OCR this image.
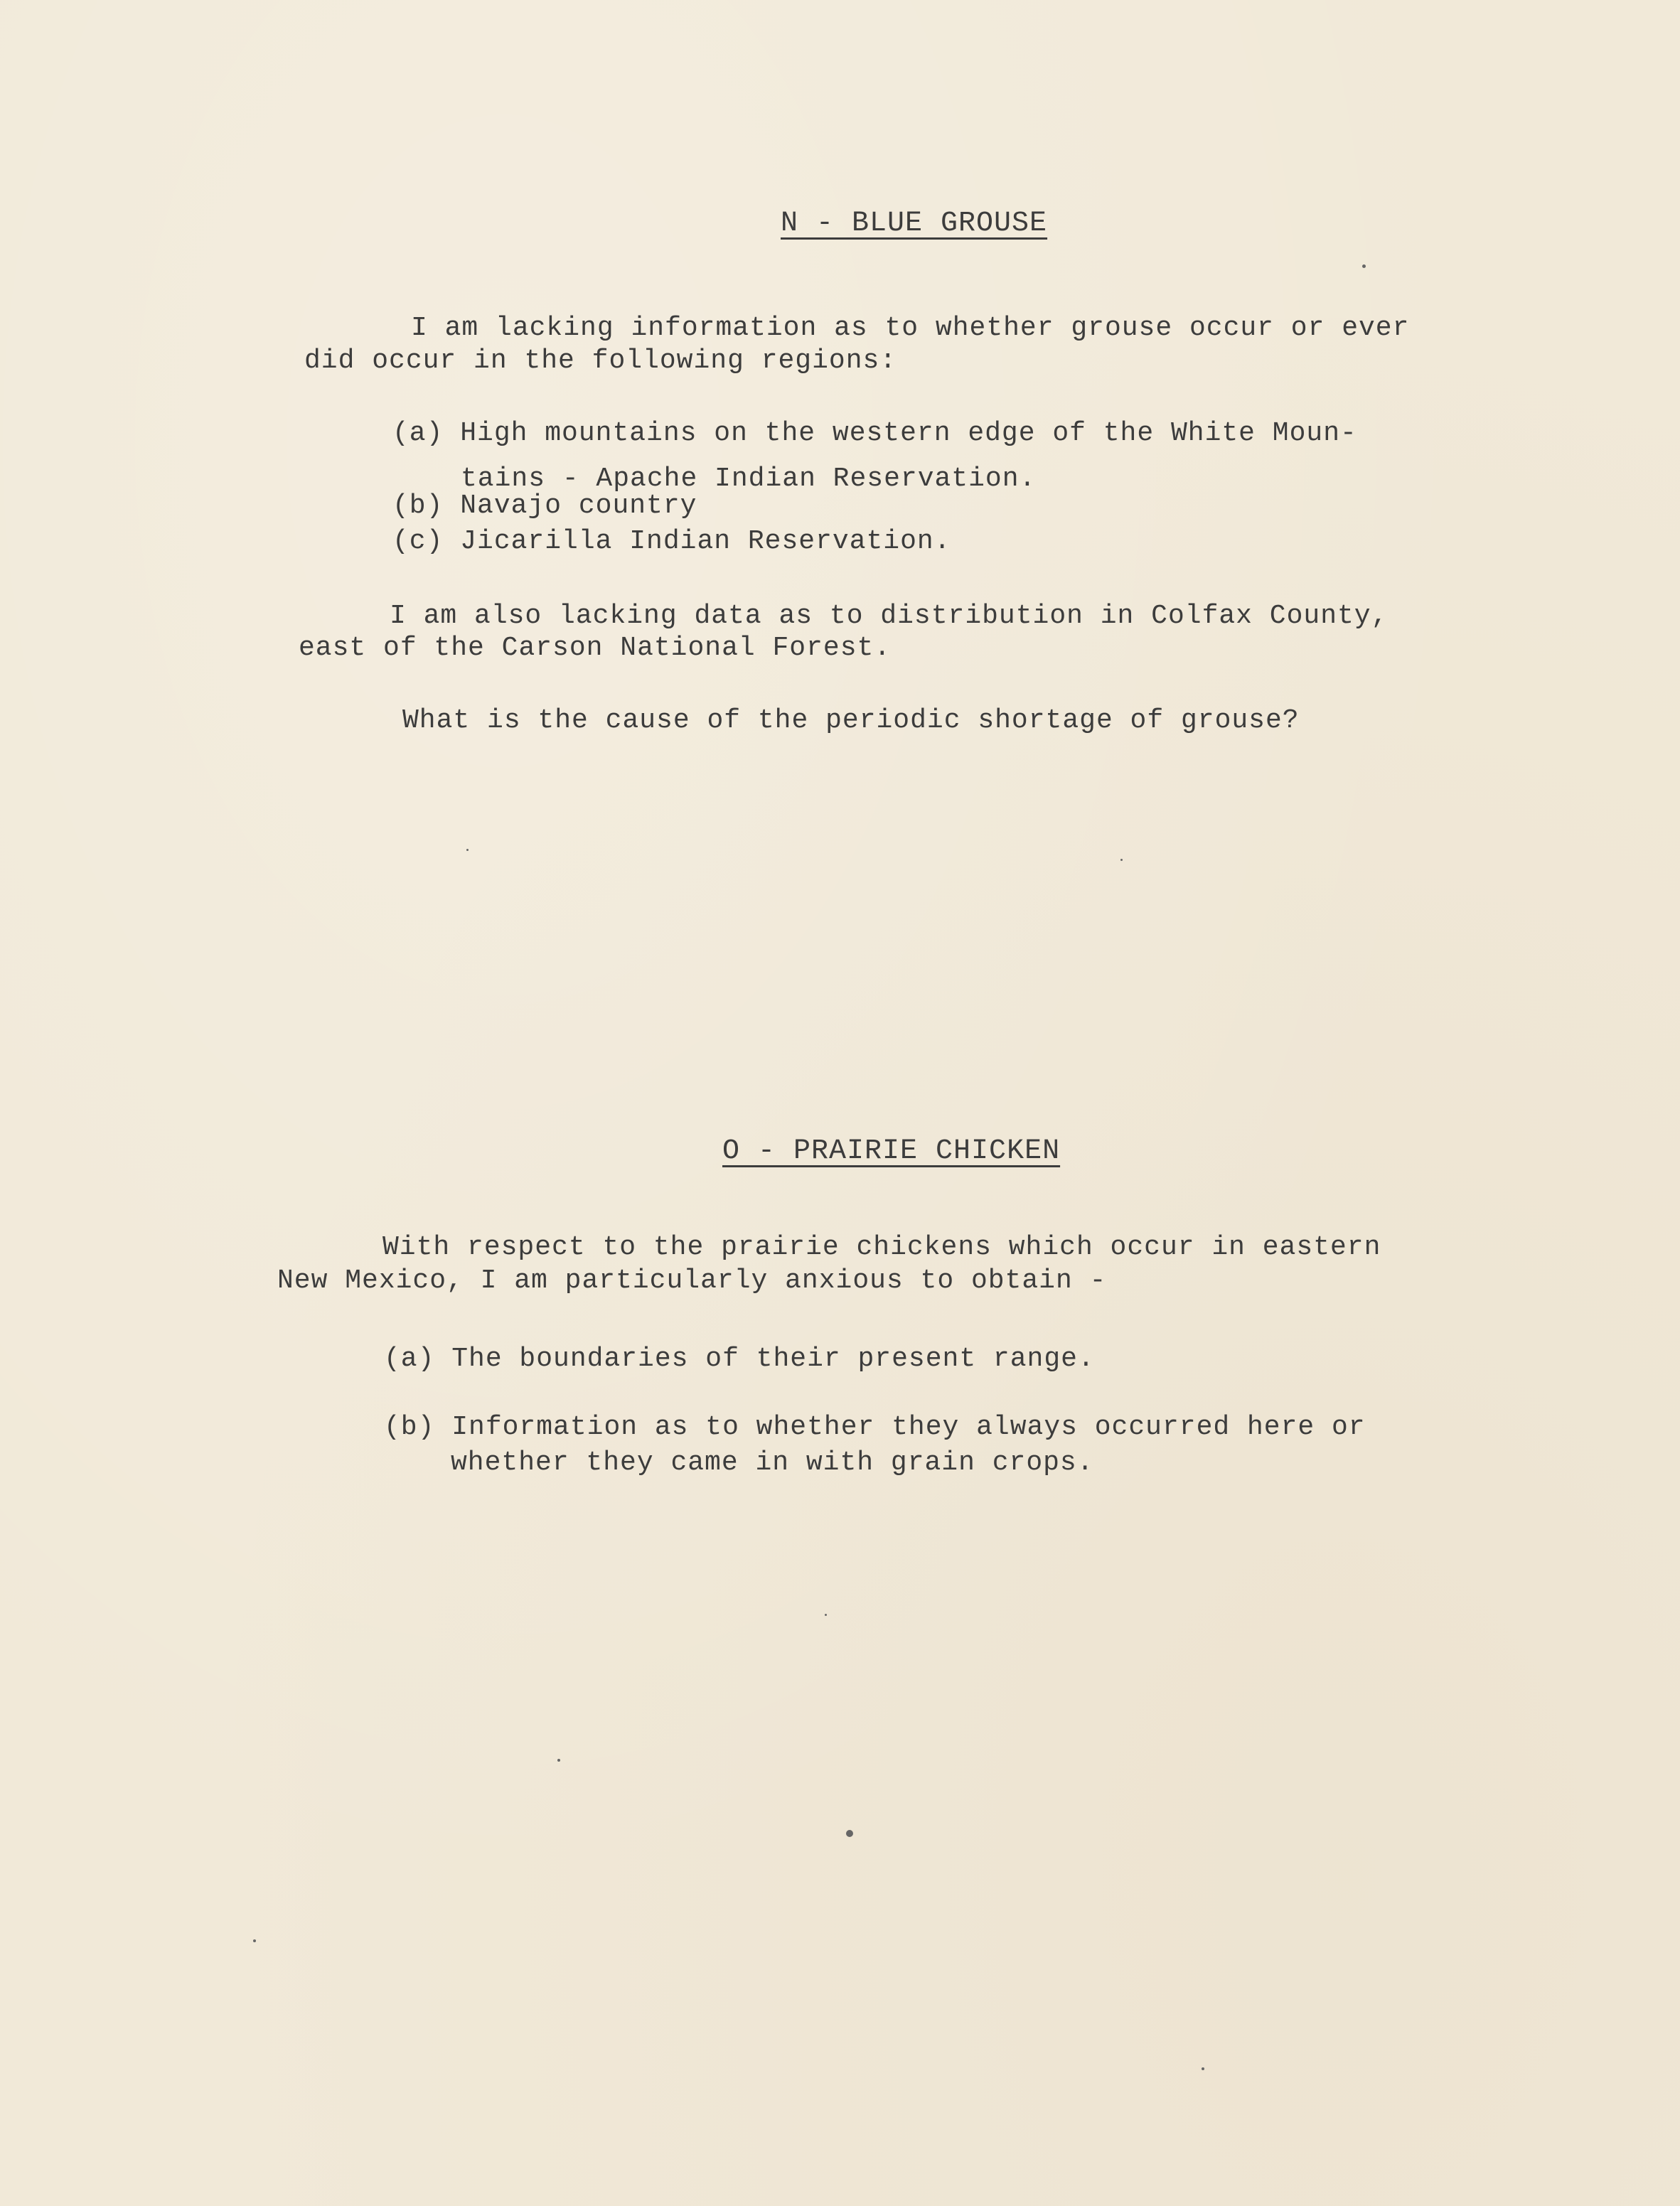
N - BLUE GROUSE
I am lacking information as to whether grouse occur or ever
did occur in the following regions:
(a) High mountains on the western edge of the White Moun-
tains - Apache Indian Reservation.
(b) Navajo country
(c) Jicarilla Indian Reservation.
I am also lacking data as to distribution in Colfax County,
east of the Carson National Forest.
What is the cause of the periodic shortage of grouse?
O - PRAIRIE CHICKEN
With respect to the prairie chickens which occur in eastern
New Mexico, I am particularly anxious to obtain -
(a) The boundaries of their present range.
(b) Information as to whether they always occurred here or
whether they came in with grain crops.
